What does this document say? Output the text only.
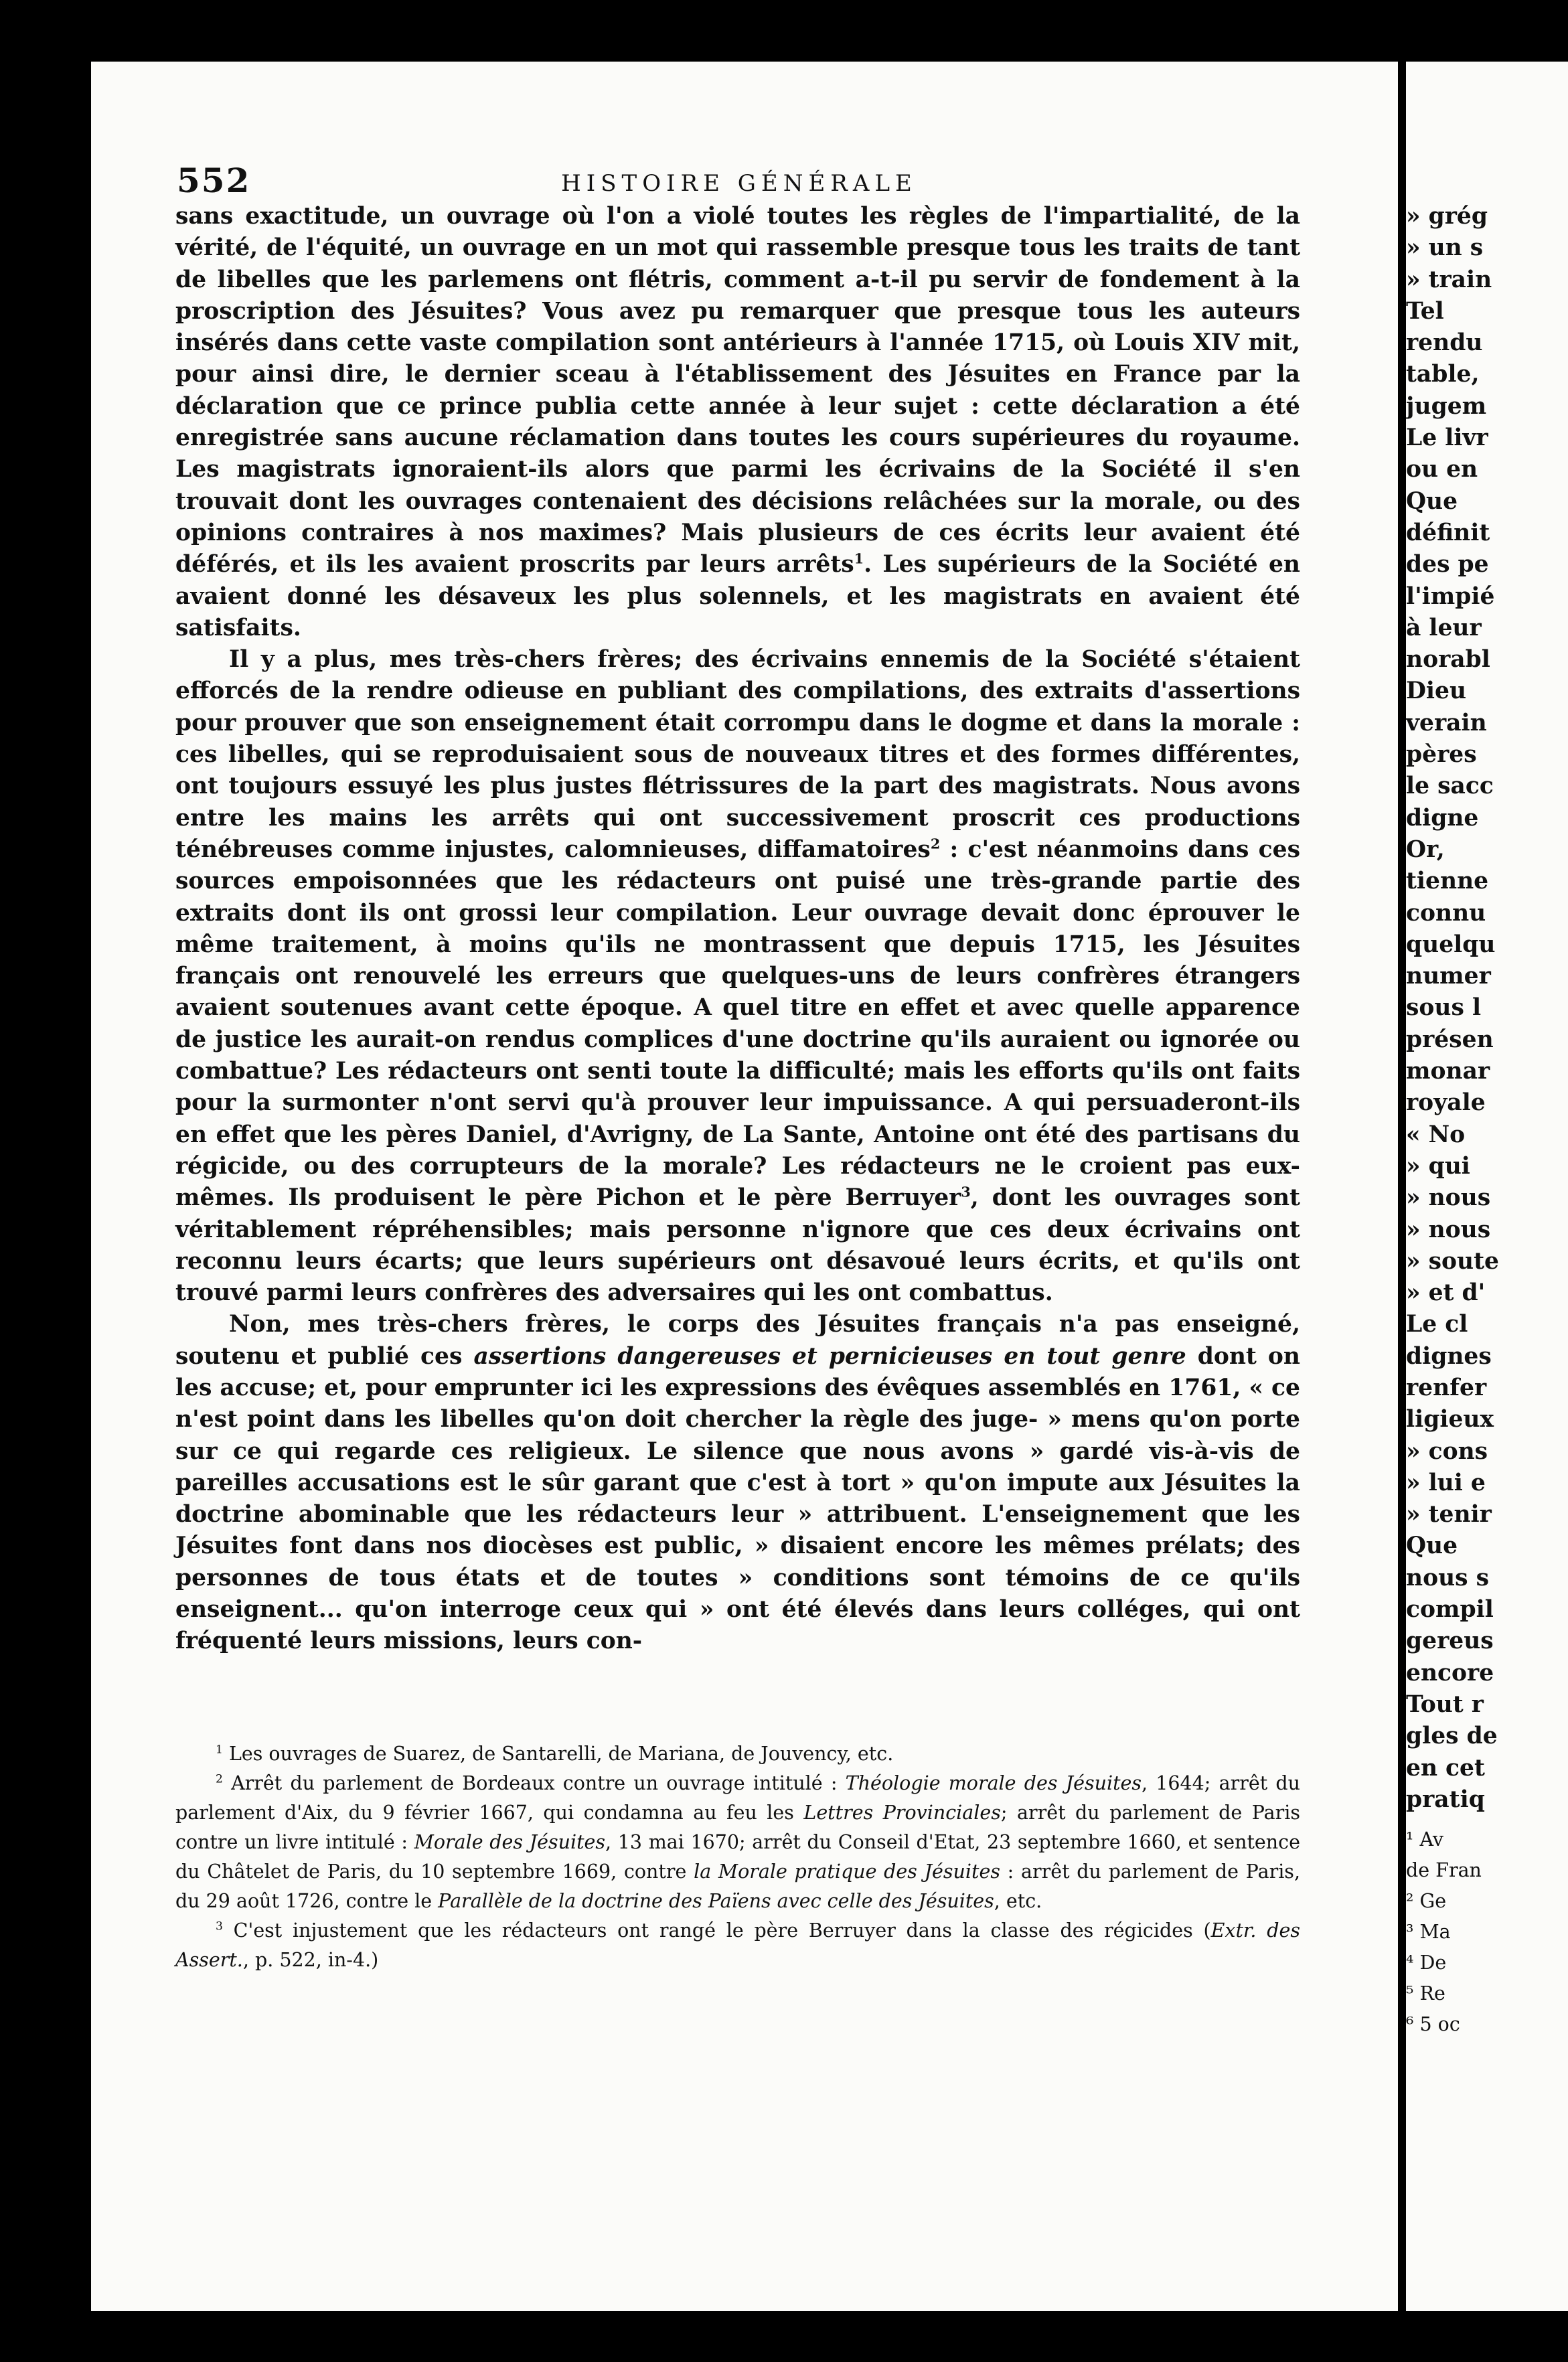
552	HISTOIRE GÉNÉRALE

sans exactitude, un ouvrage où l'on a violé toutes les règles de l'impartialité, de la vérité, de l'équité, un ouvrage en un mot qui rassemble presque tous les traits de tant de libelles que les parlemens ont flétris, comment a-t-il pu servir de fondement à la proscription des Jésuites? Vous avez pu remarquer que presque tous les auteurs insérés dans cette vaste compilation sont antérieurs à l'année 1715, où Louis XIV mit, pour ainsi dire, le dernier sceau à l'établissement des Jésuites en France par la déclaration que ce prince publia cette année à leur sujet : cette déclaration a été enregistrée sans aucune réclamation dans toutes les cours supérieures du royaume. Les magistrats ignoraient-ils alors que parmi les écrivains de la Société il s'en trouvait dont les ouvrages contenaient des décisions relâchées sur la morale, ou des opinions contraires à nos maximes? Mais plusieurs de ces écrits leur avaient été déférés, et ils les avaient proscrits par leurs arrêts$^1$. Les supérieurs de la Société en avaient donné les désaveux les plus solennels, et les magistrats en avaient été satisfaits.

Il y a plus, mes très-chers frères; des écrivains ennemis de la Société s'étaient efforcés de la rendre odieuse en publiant des compilations, des extraits d'assertions pour prouver que son enseignement était corrompu dans le dogme et dans la morale : ces libelles, qui se reproduisaient sous de nouveaux titres et des formes différentes, ont toujours essuyé les plus justes flétrissures de la part des magistrats. Nous avons entre les mains les arrêts qui ont successivement proscrit ces productions ténébreuses comme injustes, calomnieuses, diffamatoires$^2$ : c'est néanmoins dans ces sources empoisonnées que les rédacteurs ont puisé une très-grande partie des extraits dont ils ont grossi leur compilation. Leur ouvrage devait donc éprouver le même traitement, à moins qu'ils ne montrassent que depuis 1715, les Jésuites français ont renouvelé les erreurs que quelques-uns de leurs confrères étrangers avaient soutenues avant cette époque. A quel titre en effet et avec quelle apparence de justice les aurait-on rendus complices d'une doctrine qu'ils auraient ou ignorée ou combattue? Les rédacteurs ont senti toute la difficulté; mais les efforts qu'ils ont faits pour la surmonter n'ont servi qu'à prouver leur impuissance. A qui persuaderont-ils en effet que les pères Daniel, d'Avrigny, de La Sante, Antoine ont été des partisans du régicide, ou des corrupteurs de la morale? Les rédacteurs ne le croient pas eux-mêmes. Ils produisent le père Pichon et le père Berruyer$^3$, dont les ouvrages sont véritablement répréhensibles; mais personne n'ignore que ces deux écrivains ont reconnu leurs écarts; que leurs supérieurs ont désavoué leurs écrits, et qu'ils ont trouvé parmi leurs confrères des adversaires qui les ont combattus.

Non, mes très-chers frères, le corps des Jésuites français n'a pas enseigné, soutenu et publié ces assertions dangereuses et pernicieuses en tout genre dont on les accuse; et, pour emprunter ici les expressions des évêques assemblés en 1761, « ce n'est point dans les libelles qu'on doit chercher la règle des juge- » mens qu'on porte sur ce qui regarde ces religieux. Le silence que nous avons » gardé vis-à-vis de pareilles accusations est le sûr garant que c'est à tort » qu'on impute aux Jésuites la doctrine abominable que les rédacteurs leur » attribuent. L'enseignement que les Jésuites font dans nos diocèses est public, » disaient encore les mêmes prélats; des personnes de tous états et de toutes » conditions sont témoins de ce qu'ils enseignent... qu'on interroge ceux qui » ont été élevés dans leurs colléges, qui ont fréquenté leurs missions, leurs con-

$^1$ Les ouvrages de Suarez, de Santarelli, de Mariana, de Jouvency, etc.

$^2$ Arrêt du parlement de Bordeaux contre un ouvrage intitulé : Théologie morale des Jésuites, 1644; arrêt du parlement d'Aix, du 9 février 1667, qui condamna au feu les Lettres Provinciales; arrêt du parlement de Paris contre un livre intitulé : Morale des Jésuites, 13 mai 1670; arrêt du Conseil d'Etat, 23 septembre 1660, et sentence du Châtelet de Paris, du 10 septembre 1669, contre la Morale pratique des Jésuites : arrêt du parlement de Paris, du 29 août 1726, contre le Parallèle de la doctrine des Païens avec celle des Jésuites, etc.

$^3$ C'est injustement que les rédacteurs ont rangé le père Berruyer dans la classe des régicides (Extr. des Assert., p. 522, in-4.)

» grég
» un s
» train
Tel
rendu
table,
jugem
Le livr
ou en
Que
définit
des pe
l'impié
à leur
norabl
Dieu
verain
pères
le sacc
digne
Or,
tienne
connu
quelqu
numer
sous l
présen
monar
royale
« No
» qui
» nous
» nous
» soute
» et d'
Le cl
dignes
renfer
ligieux
» cons
» lui e
» tenir
Que
nous s
compil
gereus
encore
Tout r
gles de
en cet
pratiq
¹ Av
de Fran
² Ge
³ Ma
⁴ De
⁵ Re
⁶ 5 oc
